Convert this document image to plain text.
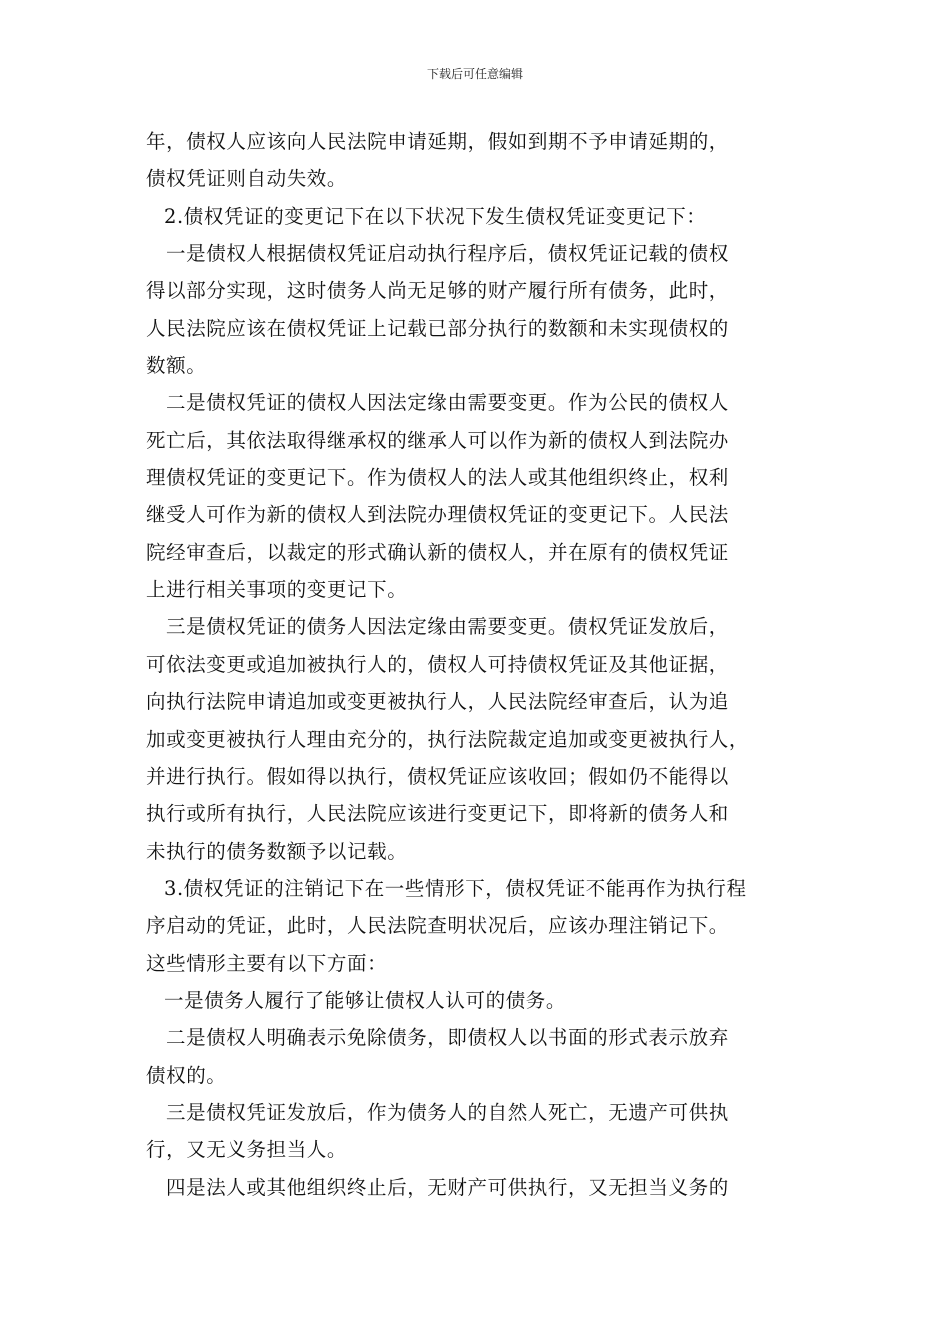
下载后可任意编辑
年，债权人应该向人民法院申请延期，假如到期不予申请延期的，
债权凭证则自动失效。
2.债权凭证的变更记下在以下状况下发生债权凭证变更记下：
一是债权人根据债权凭证启动执行程序后，债权凭证记载的债权
得以部分实现，这时债务人尚无足够的财产履行所有债务，此时，
人民法院应该在债权凭证上记载已部分执行的数额和未实现债权的
数额。
二是债权凭证的债权人因法定缘由需要变更。作为公民的债权人
死亡后，其依法取得继承权的继承人可以作为新的债权人到法院办
理债权凭证的变更记下。作为债权人的法人或其他组织终止，权利
继受人可作为新的债权人到法院办理债权凭证的变更记下。人民法
院经审查后，以裁定的形式确认新的债权人，并在原有的债权凭证
上进行相关事项的变更记下。
三是债权凭证的债务人因法定缘由需要变更。债权凭证发放后，
可依法变更或追加被执行人的，债权人可持债权凭证及其他证据，
向执行法院申请追加或变更被执行人，人民法院经审查后，认为追
加或变更被执行人理由充分的，执行法院裁定追加或变更被执行人，
并进行执行。假如得以执行，债权凭证应该收回；假如仍不能得以
执行或所有执行，人民法院应该进行变更记下，即将新的债务人和
未执行的债务数额予以记载。
3.债权凭证的注销记下在一些情形下，债权凭证不能再作为执行程
序启动的凭证，此时，人民法院查明状况后，应该办理注销记下。
这些情形主要有以下方面：
一是债务人履行了能够让债权人认可的债务。
二是债权人明确表示免除债务，即债权人以书面的形式表示放弃
债权的。
三是债权凭证发放后，作为债务人的自然人死亡，无遗产可供执
行，又无义务担当人。
四是法人或其他组织终止后，无财产可供执行，又无担当义务的
